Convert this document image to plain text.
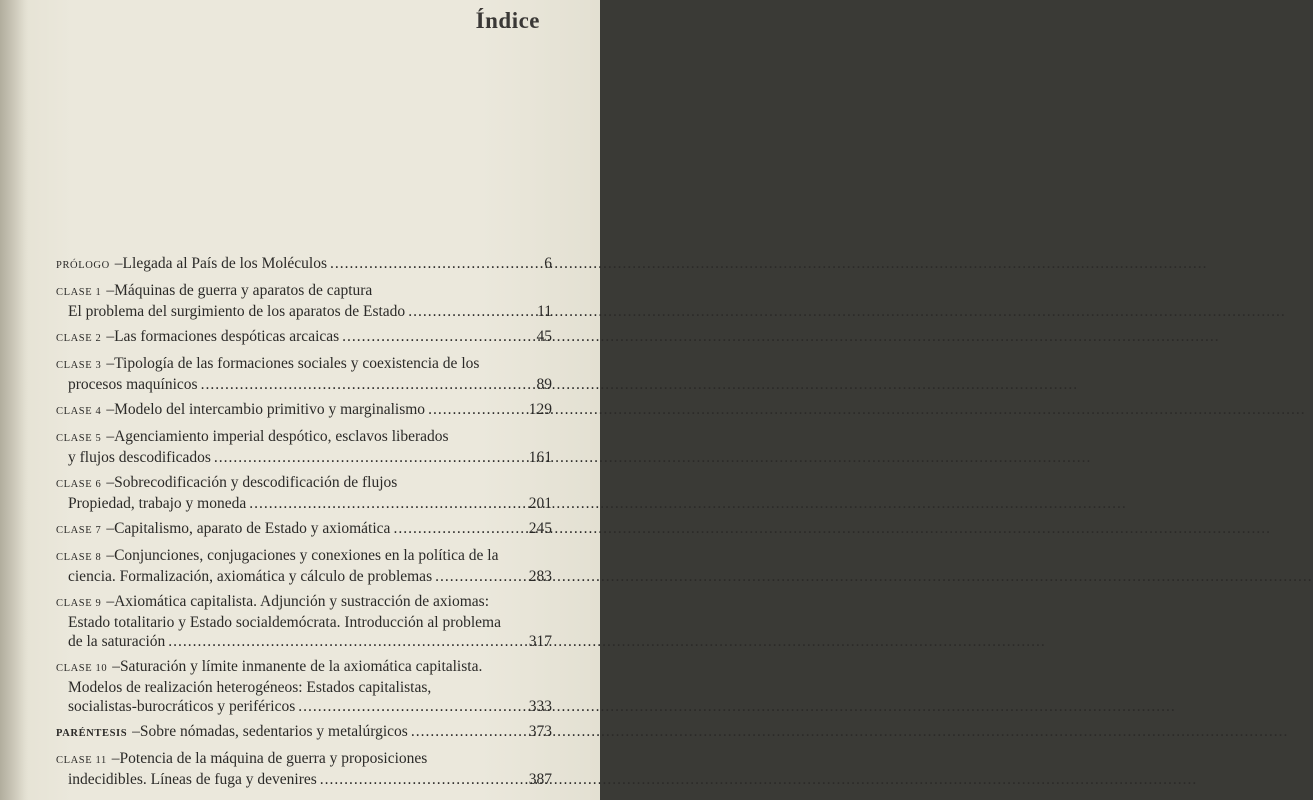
Índice
PRÓLOGO – Llegada al País de los Moléculos .....	6
CLASE 1 – Máquinas de guerra y aparatos de captura
El problema del surgimiento de los aparatos de Estado .....	11
CLASE 2 – Las formaciones despóticas arcaicas .....	45
CLASE 3 – Tipología de las formaciones sociales y coexistencia de los
procesos maquínicos .....	89
CLASE 4 – Modelo del intercambio primitivo y marginalismo .....	129
CLASE 5 – Agenciamiento imperial despótico, esclavos liberados
y flujos descodificados .....	161
CLASE 6 – Sobrecodificación y descodificación de flujos
Propiedad, trabajo y moneda .....	201
CLASE 7 – Capitalismo, aparato de Estado y axiomática .....	245
CLASE 8 – Conjunciones, conjugaciones y conexiones en la política de la
ciencia. Formalización, axiomática y cálculo de problemas .....	283
CLASE 9 – Axiomática capitalista. Adjunción y sustracción de axiomas:
Estado totalitario y Estado socialdemócrata. Introducción al problema
de la saturación .....	317
CLASE 10 – Saturación y límite inmanente de la axiomática capitalista.
Modelos de realización heterogéneos: Estados capitalistas,
socialistas-burocráticos y periféricos .....	333
PARÉNTESIS – Sobre nómadas, sedentarios y metalúrgicos .....	373
CLASE 11 – Potencia de la máquina de guerra y proposiciones
indecidibles. Líneas de fuga y devenires .....	387
